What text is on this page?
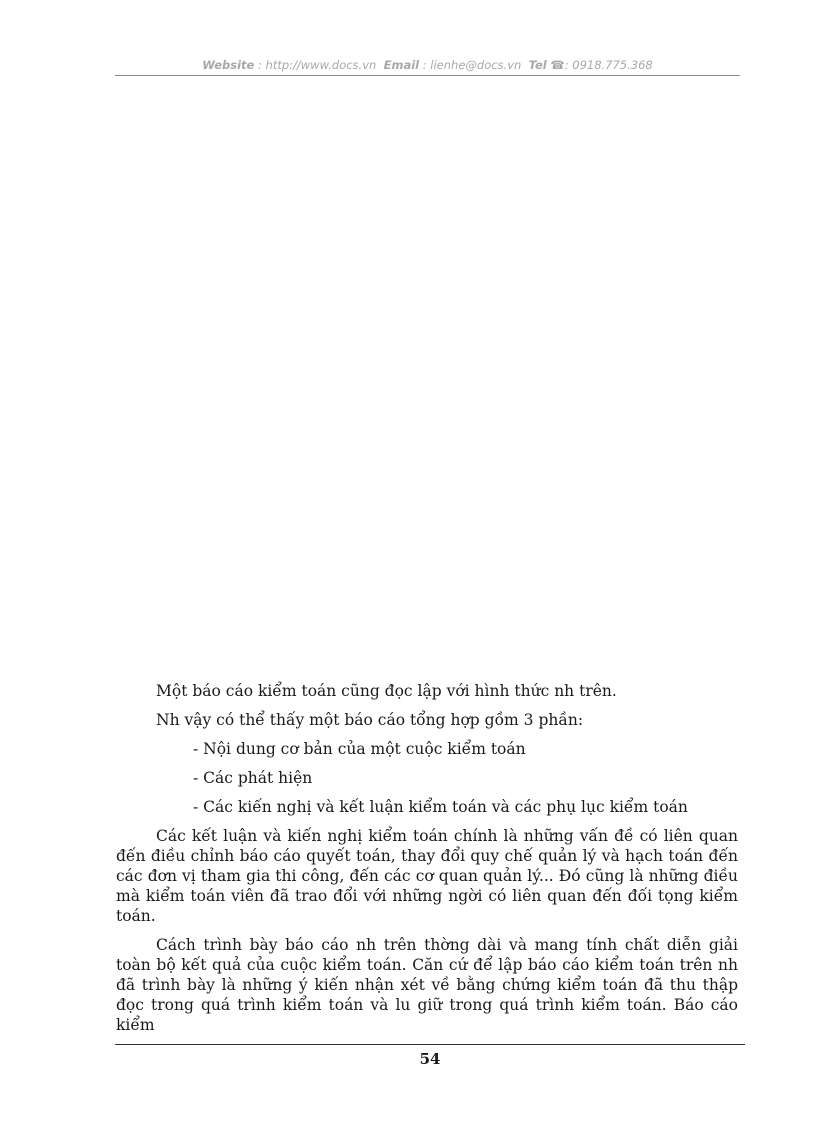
Website : http://www.docs.vn Email : lienhe@docs.vn Tel ☎: 0918.775.368

Một báo cáo kiểm toán cũng đọc lập với hình thức nh trên.

Nh vậy có thể thấy một báo cáo tổng hợp gồm 3 phần:

- Nội dung cơ bản của một cuộc kiểm toán

- Các phát hiện

- Các kiến nghị và kết luận kiểm toán và các phụ lục kiểm toán

Các kết luận và kiến nghị kiểm toán chính là những vấn đề có liên quan đến điều chỉnh báo cáo quyết toán, thay đổi quy chế quản lý và hạch toán đến các đơn vị tham gia thi công, đến các cơ quan quản lý... Đó cũng là những điều mà kiểm toán viên đã trao đổi với những ngời có liên quan đến đối tọng kiểm toán.

Cách trình bày báo cáo nh trên thờng dài và mang tính chất diễn giải toàn bộ kết quả của cuộc kiểm toán. Căn cứ để lập báo cáo kiểm toán trên nh đã trình bày là những ý kiến nhận xét về bằng chứng kiểm toán đã thu thập đọc trong quá trình kiểm toán và lu giữ trong quá trình kiểm toán. Báo cáo kiểm

54
